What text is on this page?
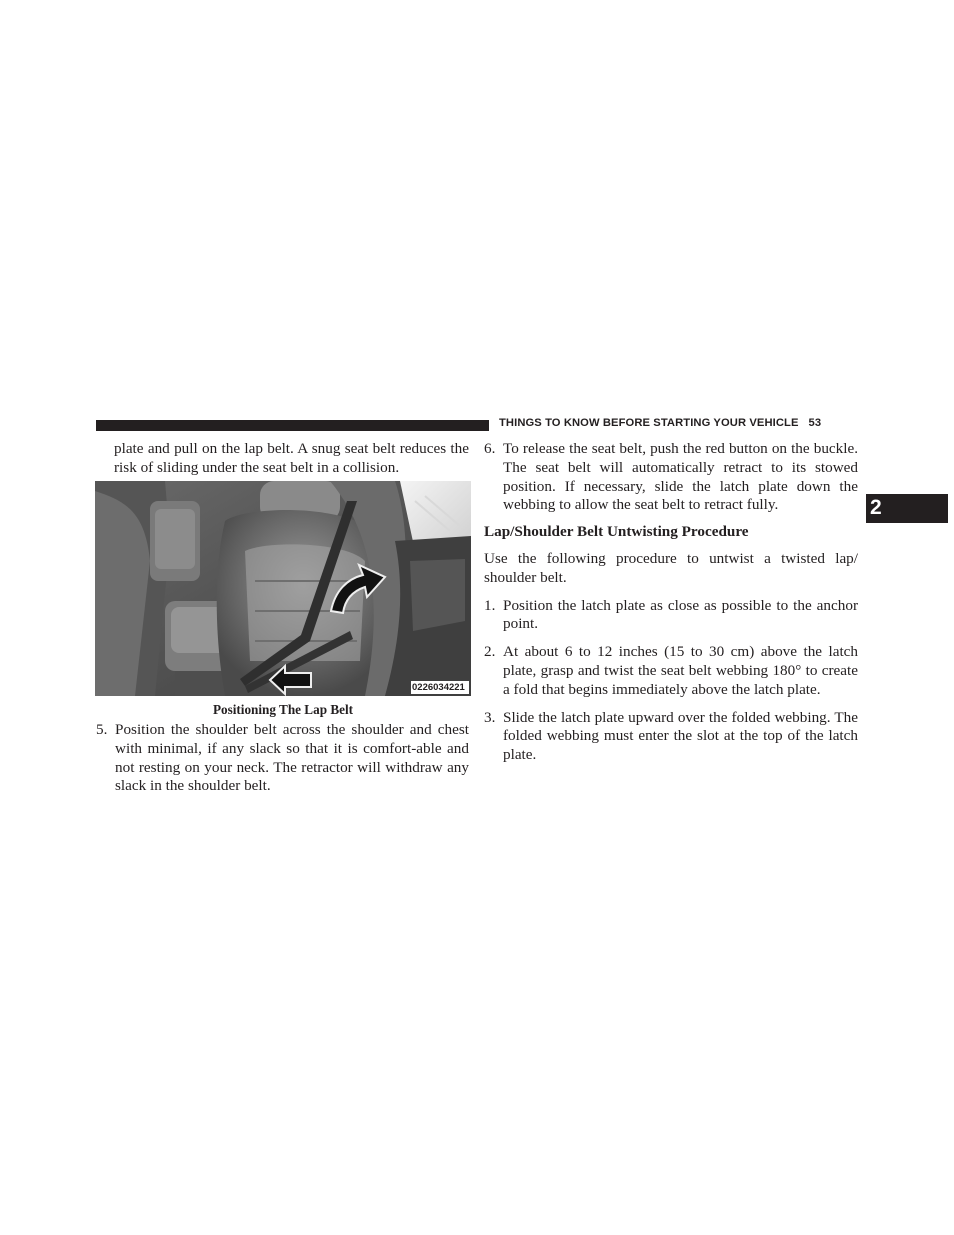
THINGS TO KNOW BEFORE STARTING YOUR VEHICLE 53
2

plate and pull on the lap belt. A snug seat belt reduces the risk of sliding under the seat belt in a collision.

0226034221
Positioning The Lap Belt
5. Position the shoulder belt across the shoulder and chest with minimal, if any slack so that it is comfort-able and not resting on your neck. The retractor will withdraw any slack in the shoulder belt.

6. To release the seat belt, push the red button on the buckle. The seat belt will automatically retract to its stowed position. If necessary, slide the latch plate down the webbing to allow the seat belt to retract fully.

Lap/Shoulder Belt Untwisting Procedure

Use the following procedure to untwist a twisted lap/ shoulder belt.

1. Position the latch plate as close as possible to the anchor point.

2. At about 6 to 12 inches (15 to 30 cm) above the latch plate, grasp and twist the seat belt webbing 180° to create a fold that begins immediately above the latch plate.

3. Slide the latch plate upward over the folded webbing. The folded webbing must enter the slot at the top of the latch plate.
